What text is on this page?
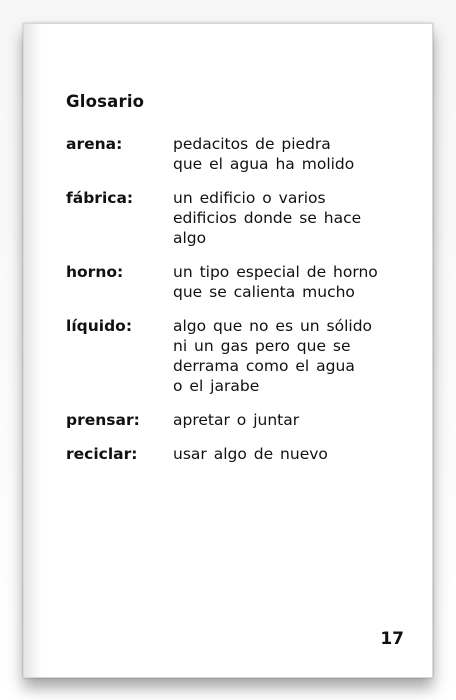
Glosario
arena:	pedacitos de piedra
que el agua ha molido
fábrica:	un edificio o varios
edificios donde se hace
algo
horno:	un tipo especial de horno
que se calienta mucho
líquido:	algo que no es un sólido
ni un gas pero que se
derrama como el agua
o el jarabe
prensar:	apretar o juntar
reciclar:	usar algo de nuevo
17
